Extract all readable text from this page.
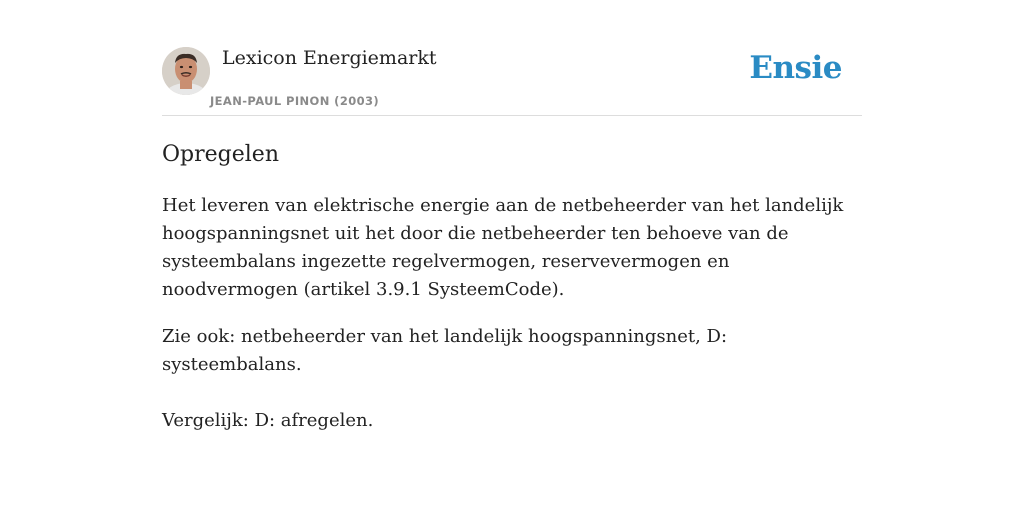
Lexicon Energiemarkt
JEAN-PAUL PINON (2003)
Ensie
Opregelen

Het leveren van elektrische energie aan de netbeheerder van het landelijk hoogspanningsnet uit het door die netbeheerder ten behoeve van de systeembalans ingezette regelvermogen, reservevermogen en noodvermogen (artikel 3.9.1 SysteemCode).

Zie ook: netbeheerder van het landelijk hoogspanningsnet, D: systeembalans.

Vergelijk: D: afregelen.
